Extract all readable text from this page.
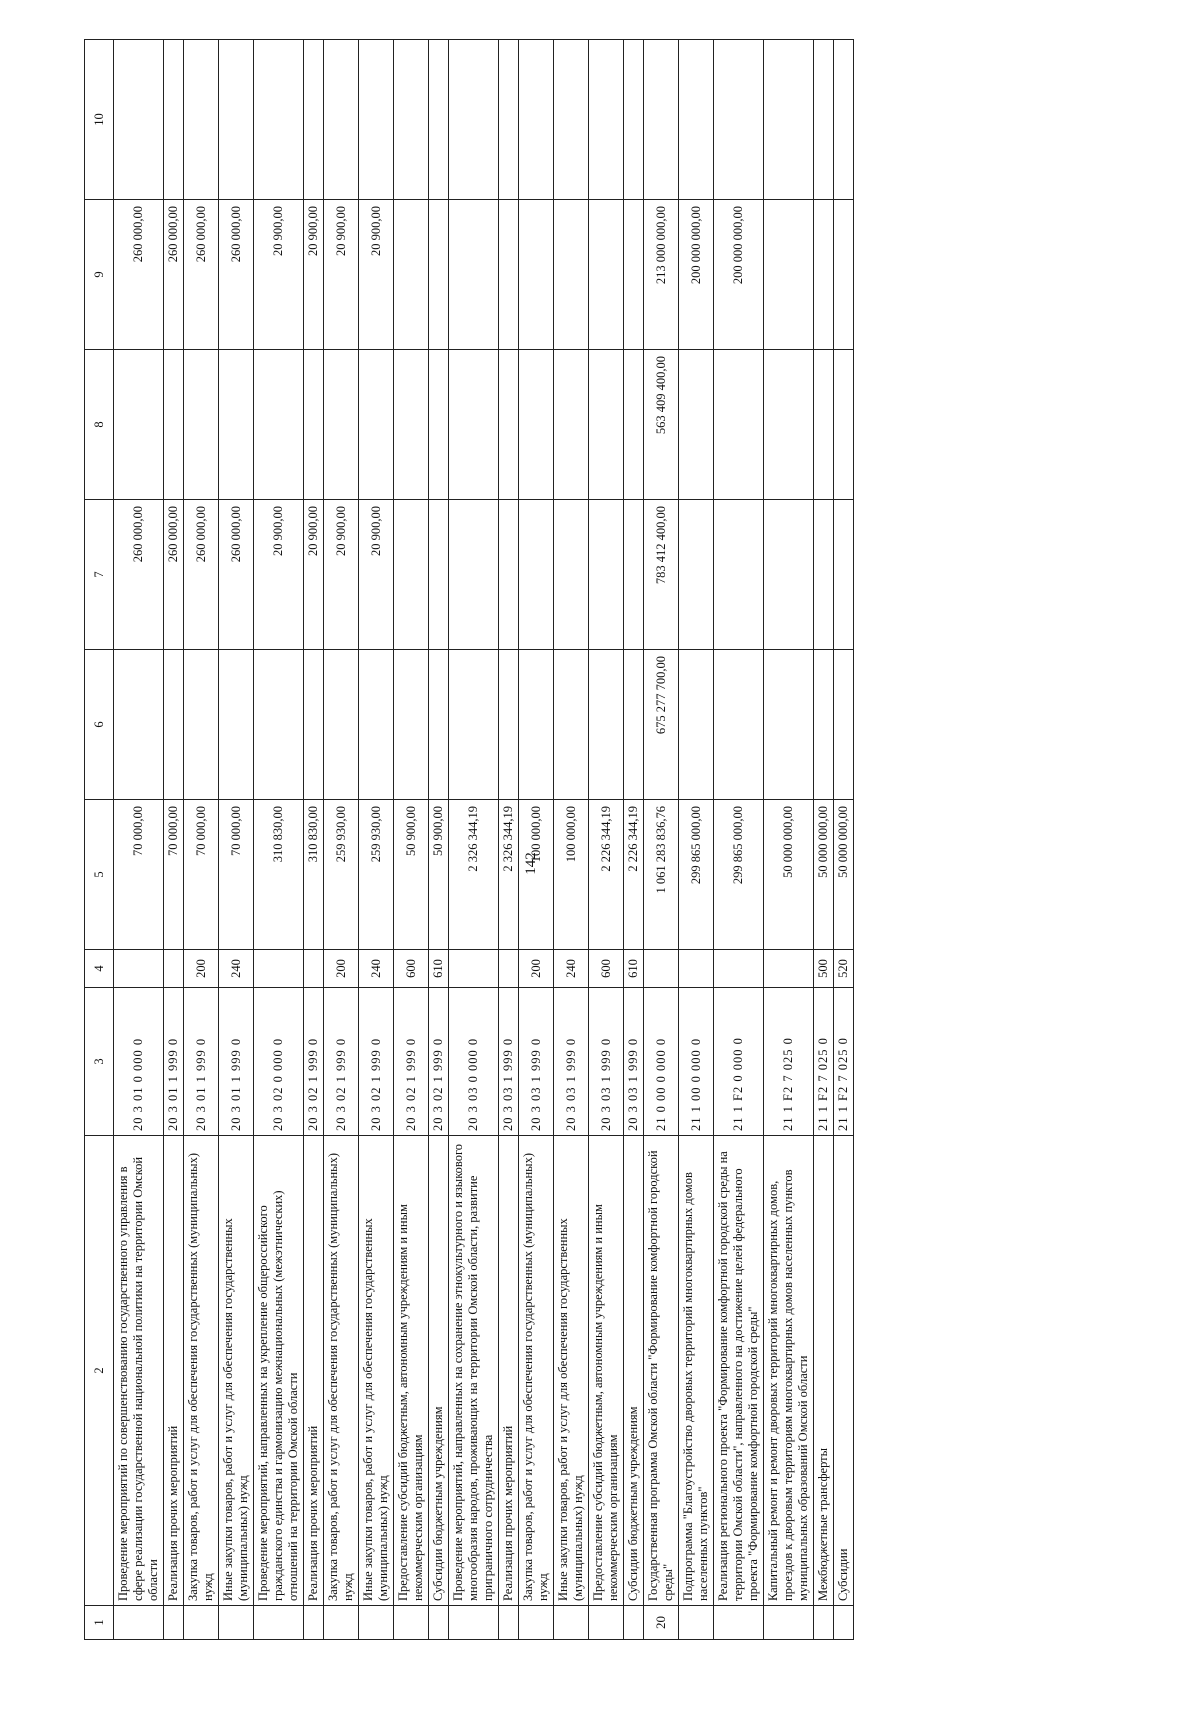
142
1	2	3	4	5	6	7	8	9	10
	Проведение мероприятий по совершенствованию государственного управления в сфере реализации государственной национальной политики на территории Омской области	20 3 01 0 000 0		70 000,00		260 000,00		260 000,00	
	Реализация прочих мероприятий	20 3 01 1 999 0		70 000,00		260 000,00		260 000,00	
	Закупка товаров, работ и услуг для обеспечения государственных (муниципальных) нужд	20 3 01 1 999 0	200	70 000,00		260 000,00		260 000,00	
	Иные закупки товаров, работ и услуг для обеспечения государственных (муниципальных) нужд	20 3 01 1 999 0	240	70 000,00		260 000,00		260 000,00	
	Проведение мероприятий, направленных на укрепление общероссийского гражданского единства и гармонизацию межнациональных (межэтнических) отношений на территории Омской области	20 3 02 0 000 0		310 830,00		20 900,00		20 900,00	
	Реализация прочих мероприятий	20 3 02 1 999 0		310 830,00		20 900,00		20 900,00	
	Закупка товаров, работ и услуг для обеспечения государственных (муниципальных) нужд	20 3 02 1 999 0	200	259 930,00		20 900,00		20 900,00	
	Иные закупки товаров, работ и услуг для обеспечения государственных (муниципальных) нужд	20 3 02 1 999 0	240	259 930,00		20 900,00		20 900,00	
	Предоставление субсидий бюджетным, автономным учреждениям и иным некоммерческим организациям	20 3 02 1 999 0	600	50 900,00					
	Субсидии бюджетным учреждениям	20 3 02 1 999 0	610	50 900,00					
	Проведение мероприятий, направленных на сохранение этнокультурного и языкового многообразия народов, проживающих на территории Омской области, развитие приграничного сотрудничества	20 3 03 0 000 0		2 326 344,19					
	Реализация прочих мероприятий	20 3 03 1 999 0		2 326 344,19					
	Закупка товаров, работ и услуг для обеспечения государственных (муниципальных) нужд	20 3 03 1 999 0	200	100 000,00					
	Иные закупки товаров, работ и услуг для обеспечения государственных (муниципальных) нужд	20 3 03 1 999 0	240	100 000,00					
	Предоставление субсидий бюджетным, автономным учреждениям и иным некоммерческим организациям	20 3 03 1 999 0	600	2 226 344,19					
	Субсидии бюджетным учреждениям	20 3 03 1 999 0	610	2 226 344,19					
20	Государственная программа Омской области "Формирование комфортной городской среды"	21 0 00 0 000 0		1 061 283 836,76	675 277 700,00	783 412 400,00	563 409 400,00	213 000 000,00	
	Подпрограмма "Благоустройство дворовых территорий многоквартирных домов населенных пунктов"	21 1 00 0 000 0		299 865 000,00				200 000 000,00	
	Реализация регионального проекта "Формирование комфортной городской среды на территории Омской области", направленного на достижение целей федерального проекта "Формирование комфортной городской среды"	21 1 F2 0 000 0		299 865 000,00				200 000 000,00	
	Капитальный ремонт и ремонт дворовых территорий многоквартирных домов, проездов к дворовым территориям многоквартирных домов населенных пунктов муниципальных образований Омской области	21 1 F2 7 025 0		50 000 000,00					
	Межбюджетные трансферты	21 1 F2 7 025 0	500	50 000 000,00					
	Субсидии	21 1 F2 7 025 0	520	50 000 000,00					
